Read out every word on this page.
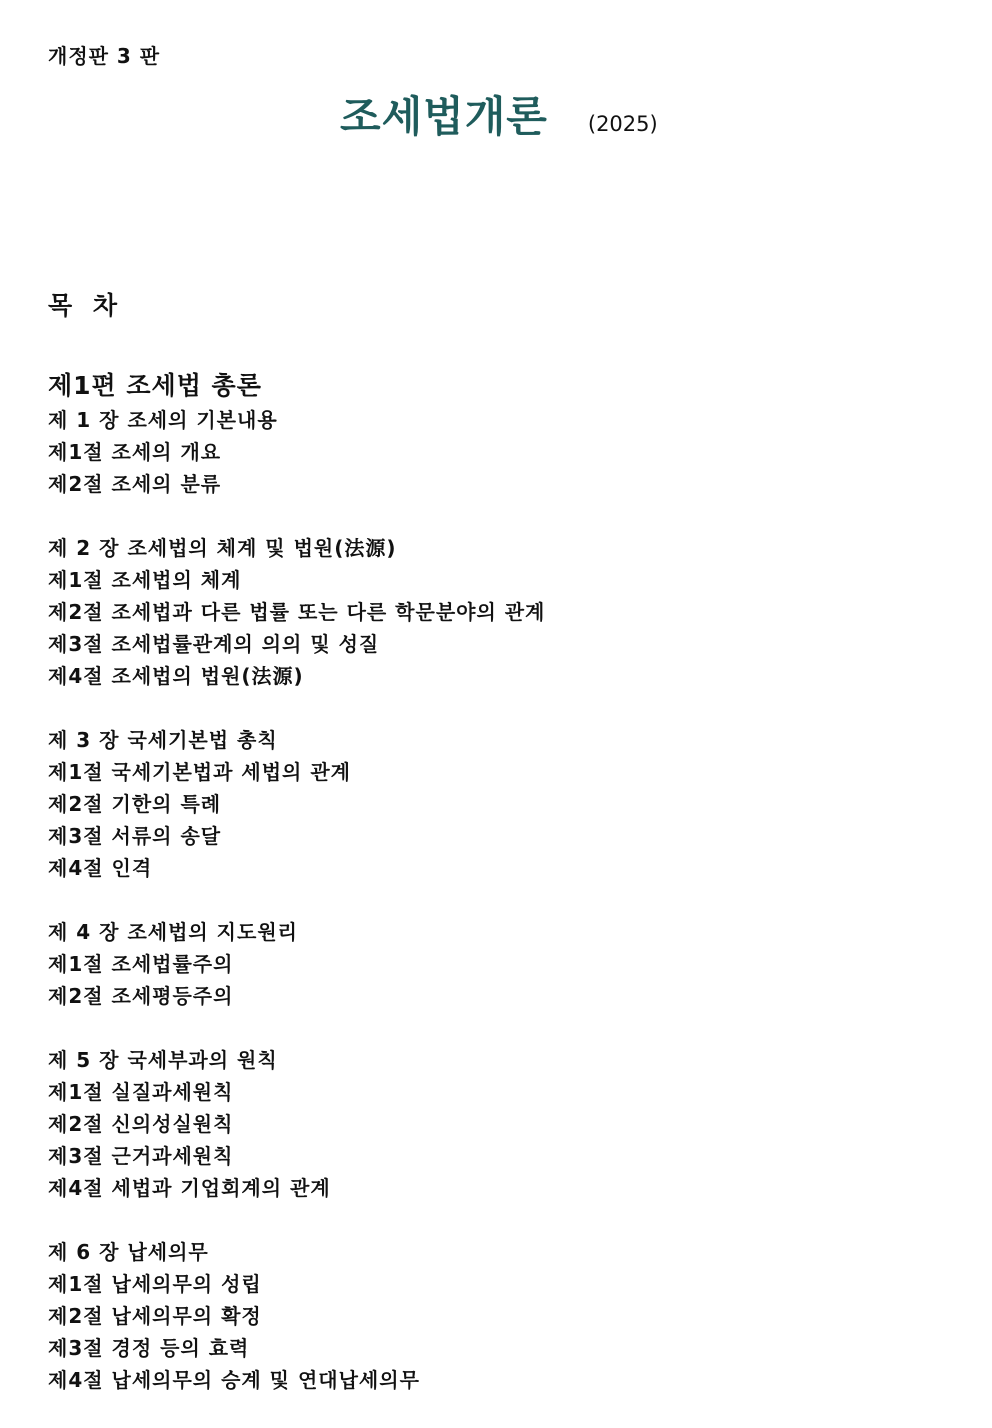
개정판 3 판
조세법개론 (2025)
목 차
제1편 조세법 총론
제 1 장 조세의 기본내용
제1절 조세의 개요
제2절 조세의 분류
제 2 장 조세법의 체계 및 법원(法源)
제1절 조세법의 체계
제2절 조세법과 다른 법률 또는 다른 학문분야의 관계
제3절 조세법률관계의 의의 및 성질
제4절 조세법의 법원(法源)
제 3 장 국세기본법 총칙
제1절 국세기본법과 세법의 관계
제2절 기한의 특례
제3절 서류의 송달
제4절 인격
제 4 장 조세법의 지도원리
제1절 조세법률주의
제2절 조세평등주의
제 5 장 국세부과의 원칙
제1절 실질과세원칙
제2절 신의성실원칙
제3절 근거과세원칙
제4절 세법과 기업회계의 관계
제 6 장 납세의무
제1절 납세의무의 성립
제2절 납세의무의 확정
제3절 경정 등의 효력
제4절 납세의무의 승계 및 연대납세의무
